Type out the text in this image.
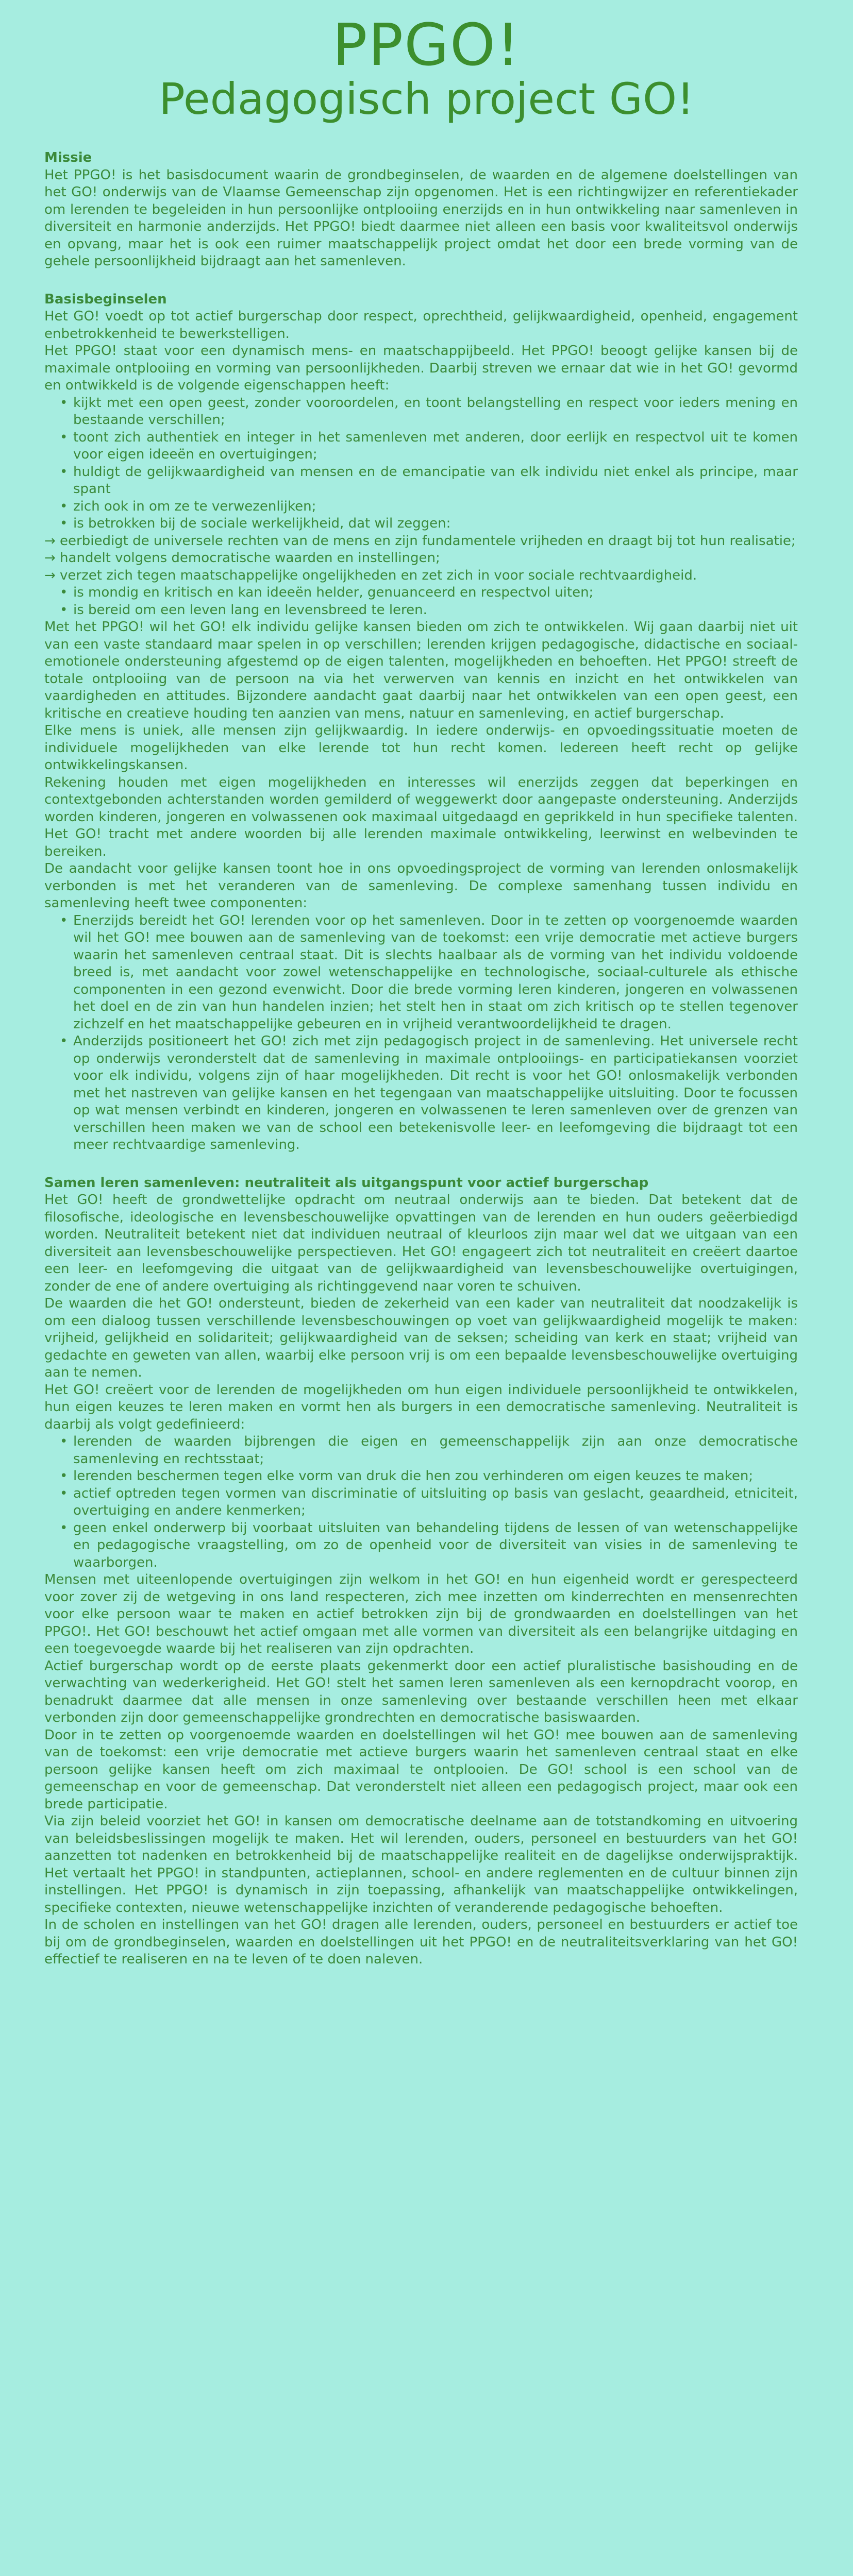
PPGO!
Pedagogisch project GO!
Missie

Het PPGO! is het basisdocument waarin de grondbeginselen, de waarden en de algemene doelstellingen van het GO! onderwijs van de Vlaamse Gemeenschap zijn opgenomen. Het is een richtingwijzer en referentiekader om lerenden te begeleiden in hun persoonlijke ontplooiing enerzijds en in hun ontwikkeling naar samenleven in diversiteit en harmonie anderzijds. Het PPGO! biedt daarmee niet alleen een basis voor kwaliteitsvol onderwijs en opvang, maar het is ook een ruimer maatschappelijk project omdat het door een brede vorming van de gehele persoonlijkheid bijdraagt aan het samenleven.

Basisbeginselen

Het GO! voedt op tot actief burgerschap door respect, oprechtheid, gelijkwaardigheid, openheid, engagement enbetrokkenheid te bewerkstelligen.

Het PPGO! staat voor een dynamisch mens- en maatschappijbeeld. Het PPGO! beoogt gelijke kansen bij de maximale ontplooiing en vorming van persoonlijkheden. Daarbij streven we ernaar dat wie in het GO! gevormd en ontwikkeld is de volgende eigenschappen heeft:

• kijkt met een open geest, zonder vooroordelen, en toont belangstelling en respect voor ieders mening en bestaande verschillen;
• toont zich authentiek en integer in het samenleven met anderen, door eerlijk en respectvol uit te komen voor eigen ideeën en overtuigingen;
• huldigt de gelijkwaardigheid van mensen en de emancipatie van elk individu niet enkel als principe, maar spant
• zich ook in om ze te verwezenlijken;
• is betrokken bij de sociale werkelijkheid, dat wil zeggen:

→ eerbiedigt de universele rechten van de mens en zijn fundamentele vrijheden en draagt bij tot hun realisatie;

→ handelt volgens democratische waarden en instellingen;

→ verzet zich tegen maatschappelijke ongelijkheden en zet zich in voor sociale rechtvaardigheid.

• is mondig en kritisch en kan ideeën helder, genuanceerd en respectvol uiten;
• is bereid om een leven lang en levensbreed te leren.

Met het PPGO! wil het GO! elk individu gelijke kansen bieden om zich te ontwikkelen. Wij gaan daarbij niet uit van een vaste standaard maar spelen in op verschillen; lerenden krijgen pedagogische, didactische en sociaal-emotionele ondersteuning afgestemd op de eigen talenten, mogelijkheden en behoeften. Het PPGO! streeft de totale ontplooiing van de persoon na via het verwerven van kennis en inzicht en het ontwikkelen van vaardigheden en attitudes. Bijzondere aandacht gaat daarbij naar het ontwikkelen van een open geest, een kritische en creatieve houding ten aanzien van mens, natuur en samenleving, en actief burgerschap.

Elke mens is uniek, alle mensen zijn gelijkwaardig. In iedere onderwijs- en opvoedingssituatie moeten de individuele mogelijkheden van elke lerende tot hun recht komen. Iedereen heeft recht op gelijke ontwikkelingskansen.

Rekening houden met eigen mogelijkheden en interesses wil enerzijds zeggen dat beperkingen en contextgebonden achterstanden worden gemilderd of weggewerkt door aangepaste ondersteuning. Anderzijds worden kinderen, jongeren en volwassenen ook maximaal uitgedaagd en geprikkeld in hun specifieke talenten. Het GO! tracht met andere woorden bij alle lerenden maximale ontwikkeling, leerwinst en welbevinden te bereiken.

De aandacht voor gelijke kansen toont hoe in ons opvoedingsproject de vorming van lerenden onlosmakelijk verbonden is met het veranderen van de samenleving. De complexe samenhang tussen individu en samenleving heeft twee componenten:

• Enerzijds bereidt het GO! lerenden voor op het samenleven. Door in te zetten op voorgenoemde waarden wil het GO! mee bouwen aan de samenleving van de toekomst: een vrije democratie met actieve burgers waarin het samenleven centraal staat. Dit is slechts haalbaar als de vorming van het individu voldoende breed is, met aandacht voor zowel wetenschappelijke en technologische, sociaal-culturele als ethische componenten in een gezond evenwicht. Door die brede vorming leren kinderen, jongeren en volwassenen het doel en de zin van hun handelen inzien; het stelt hen in staat om zich kritisch op te stellen tegenover zichzelf en het maatschappelijke gebeuren en in vrijheid verantwoordelijkheid te dragen.
• Anderzijds positioneert het GO! zich met zijn pedagogisch project in de samenleving. Het universele recht op onderwijs veronderstelt dat de samenleving in maximale ontplooiings- en participatiekansen voorziet voor elk individu, volgens zijn of haar mogelijkheden. Dit recht is voor het GO! onlosmakelijk verbonden met het nastreven van gelijke kansen en het tegengaan van maatschappelijke uitsluiting. Door te focussen op wat mensen verbindt en kinderen, jongeren en volwassenen te leren samenleven over de grenzen van verschillen heen maken we van de school een betekenisvolle leer- en leefomgeving die bijdraagt tot een meer rechtvaardige samenleving.
Samen leren samenleven: neutraliteit als uitgangspunt voor actief burgerschap

Het GO! heeft de grondwettelijke opdracht om neutraal onderwijs aan te bieden. Dat betekent dat de filosofische, ideologische en levensbeschouwelijke opvattingen van de lerenden en hun ouders geëerbiedigd worden. Neutraliteit betekent niet dat individuen neutraal of kleurloos zijn maar wel dat we uitgaan van een diversiteit aan levensbeschouwelijke perspectieven. Het GO! engageert zich tot neutraliteit en creëert daartoe een leer- en leefomgeving die uitgaat van de gelijkwaardigheid van levensbeschouwelijke overtuigingen, zonder de ene of andere overtuiging als richtinggevend naar voren te schuiven.

De waarden die het GO! ondersteunt, bieden de zekerheid van een kader van neutraliteit dat noodzakelijk is om een dialoog tussen verschillende levensbeschouwingen op voet van gelijkwaardigheid mogelijk te maken: vrijheid, gelijkheid en solidariteit; gelijkwaardigheid van de seksen; scheiding van kerk en staat; vrijheid van gedachte en geweten van allen, waarbij elke persoon vrij is om een bepaalde levensbeschouwelijke overtuiging aan te nemen.

Het GO! creëert voor de lerenden de mogelijkheden om hun eigen individuele persoonlijkheid te ontwikkelen, hun eigen keuzes te leren maken en vormt hen als burgers in een democratische samenleving. Neutraliteit is daarbij als volgt gedefinieerd:

• lerenden de waarden bijbrengen die eigen en gemeenschappelijk zijn aan onze democratische samenleving en rechtsstaat;
• lerenden beschermen tegen elke vorm van druk die hen zou verhinderen om eigen keuzes te maken;
• actief optreden tegen vormen van discriminatie of uitsluiting op basis van geslacht, geaardheid, etniciteit, overtuiging en andere kenmerken;
• geen enkel onderwerp bij voorbaat uitsluiten van behandeling tijdens de lessen of van wetenschappelijke en pedagogische vraagstelling, om zo de openheid voor de diversiteit van visies in de samenleving te waarborgen.

Mensen met uiteenlopende overtuigingen zijn welkom in het GO! en hun eigenheid wordt er gerespecteerd voor zover zij de wetgeving in ons land respecteren, zich mee inzetten om kinderrechten en mensenrechten voor elke persoon waar te maken en actief betrokken zijn bij de grondwaarden en doelstellingen van het PPGO!. Het GO! beschouwt het actief omgaan met alle vormen van diversiteit als een belangrijke uitdaging en een toegevoegde waarde bij het realiseren van zijn opdrachten.

Actief burgerschap wordt op de eerste plaats gekenmerkt door een actief pluralistische basishouding en de verwachting van wederkerigheid. Het GO! stelt het samen leren samenleven als een kernopdracht voorop, en benadrukt daarmee dat alle mensen in onze samenleving over bestaande verschillen heen met elkaar verbonden zijn door gemeenschappelijke grondrechten en democratische basiswaarden.

Door in te zetten op voorgenoemde waarden en doelstellingen wil het GO! mee bouwen aan de samenleving van de toekomst: een vrije democratie met actieve burgers waarin het samenleven centraal staat en elke persoon gelijke kansen heeft om zich maximaal te ontplooien. De GO! school is een school van de gemeenschap en voor de gemeenschap. Dat veronderstelt niet alleen een pedagogisch project, maar ook een brede participatie.

Via zijn beleid voorziet het GO! in kansen om democratische deelname aan de totstandkoming en uitvoering van beleidsbeslissingen mogelijk te maken. Het wil lerenden, ouders, personeel en bestuurders van het GO! aanzetten tot nadenken en betrokkenheid bij de maatschappelijke realiteit en de dagelijkse onderwijspraktijk. Het vertaalt het PPGO! in standpunten, actieplannen, school- en andere reglementen en de cultuur binnen zijn instellingen. Het PPGO! is dynamisch in zijn toepassing, afhankelijk van maatschappelijke ontwikkelingen, specifieke contexten, nieuwe wetenschappelijke inzichten of veranderende pedagogische behoeften.

In de scholen en instellingen van het GO! dragen alle lerenden, ouders, personeel en bestuurders er actief toe bij om de grondbeginselen, waarden en doelstellingen uit het PPGO! en de neutraliteitsverklaring van het GO! effectief te realiseren en na te leven of te doen naleven.
